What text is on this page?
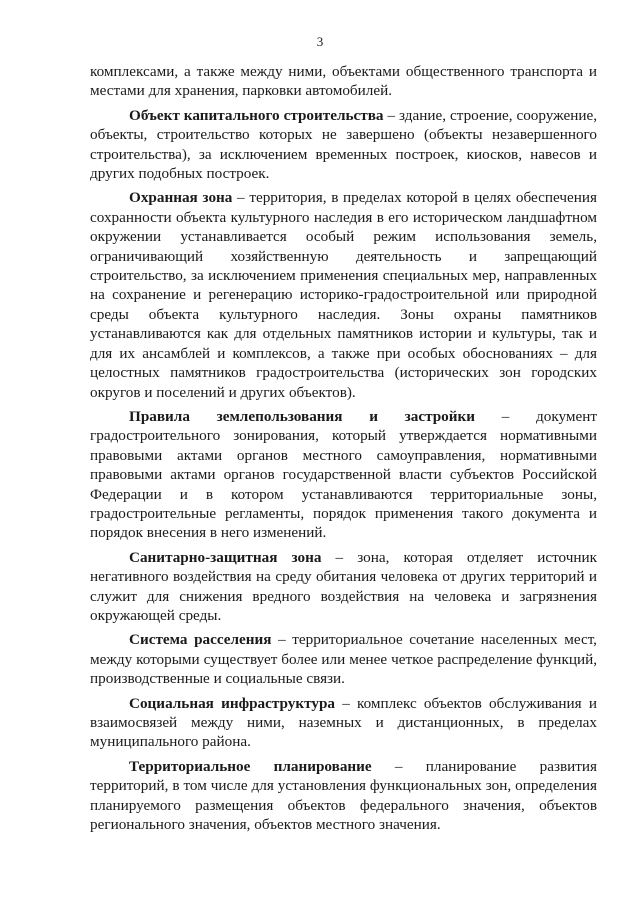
3

комплексами, а также между ними, объектами общественного транспорта и местами для хранения, парковки автомобилей.

Объект капитального строительства – здание, строение, сооружение, объекты, строительство которых не завершено (объекты незавершенного строительства), за исключением временных построек, киосков, навесов и других подобных построек.

Охранная зона – территория, в пределах которой в целях обеспечения сохранности объекта культурного наследия в его историческом ландшафтном окружении устанавливается особый режим использования земель, ограничивающий хозяйственную деятельность и запрещающий строительство, за исключением применения специальных мер, направленных на сохранение и регенерацию историко-градостроительной или природной среды объекта культурного наследия. Зоны охраны памятников устанавливаются как для отдельных памятников истории и культуры, так и для их ансамблей и комплексов, а также при особых обоснованиях – для целостных памятников градостроительства (исторических зон городских округов и поселений и других объектов).

Правила землепользования и застройки – документ градостроительного зонирования, который утверждается нормативными правовыми актами органов местного самоуправления, нормативными правовыми актами органов государственной власти субъектов Российской Федерации и в котором устанавливаются территориальные зоны, градостроительные регламенты, порядок применения такого документа и порядок внесения в него изменений.

Санитарно-защитная зона – зона, которая отделяет источник негативного воздействия на среду обитания человека от других территорий и служит для снижения вредного воздействия на человека и загрязнения окружающей среды.

Система расселения – территориальное сочетание населенных мест, между которыми существует более или менее четкое распределение функций, производственные и социальные связи.

Социальная инфраструктура – комплекс объектов обслуживания и взаимосвязей между ними, наземных и дистанционных, в пределах муниципального района.

Территориальное планирование – планирование развития территорий, в том числе для установления функциональных зон, определения планируемого размещения объектов федерального значения, объектов регионального значения, объектов местного значения.
